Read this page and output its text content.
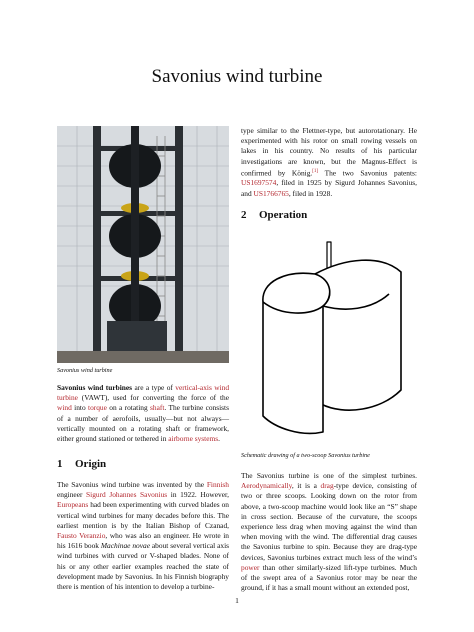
Savonius wind turbine
Savonius wind turbine

Savonius wind turbines are a type of vertical-axis wind turbine (VAWT), used for converting the force of the wind into torque on a rotating shaft. The turbine consists of a number of aerofoils, usually—but not always—vertically mounted on a rotating shaft or framework, either ground stationed or tethered in airborne systems.

1 Origin

The Savonius wind turbine was invented by the Finnish engineer Sigurd Johannes Savonius in 1922. However, Europeans had been experimenting with curved blades on vertical wind turbines for many decades before this. The earliest mention is by the Italian Bishop of Czanad, Fausto Veranzio, who was also an engineer. He wrote in his 1616 book Machinae novae about several vertical axis wind turbines with curved or V-shaped blades. None of his or any other earlier examples reached the state of development made by Savonius. In his Finnish biography there is mention of his intention to develop a turbine-

type similar to the Flettner-type, but autorotationary. He experimented with his rotor on small rowing vessels on lakes in his country. No results of his particular investigations are known, but the Magnus-Effect is confirmed by König.[1] The two Savonius patents: US1697574, filed in 1925 by Sigurd Johannes Savonius, and US1766765, filed in 1928.

2 Operation
Schematic drawing of a two-scoop Savonius turbine

The Savonius turbine is one of the simplest turbines. Aerodynamically, it is a drag-type device, consisting of two or three scoops. Looking down on the rotor from above, a two-scoop machine would look like an “S” shape in cross section. Because of the curvature, the scoops experience less drag when moving against the wind than when moving with the wind. The differential drag causes the Savonius turbine to spin. Because they are drag-type devices, Savonius turbines extract much less of the wind’s power than other similarly-sized lift-type turbines. Much of the swept area of a Savonius rotor may be near the ground, if it has a small mount without an extended post,

1
